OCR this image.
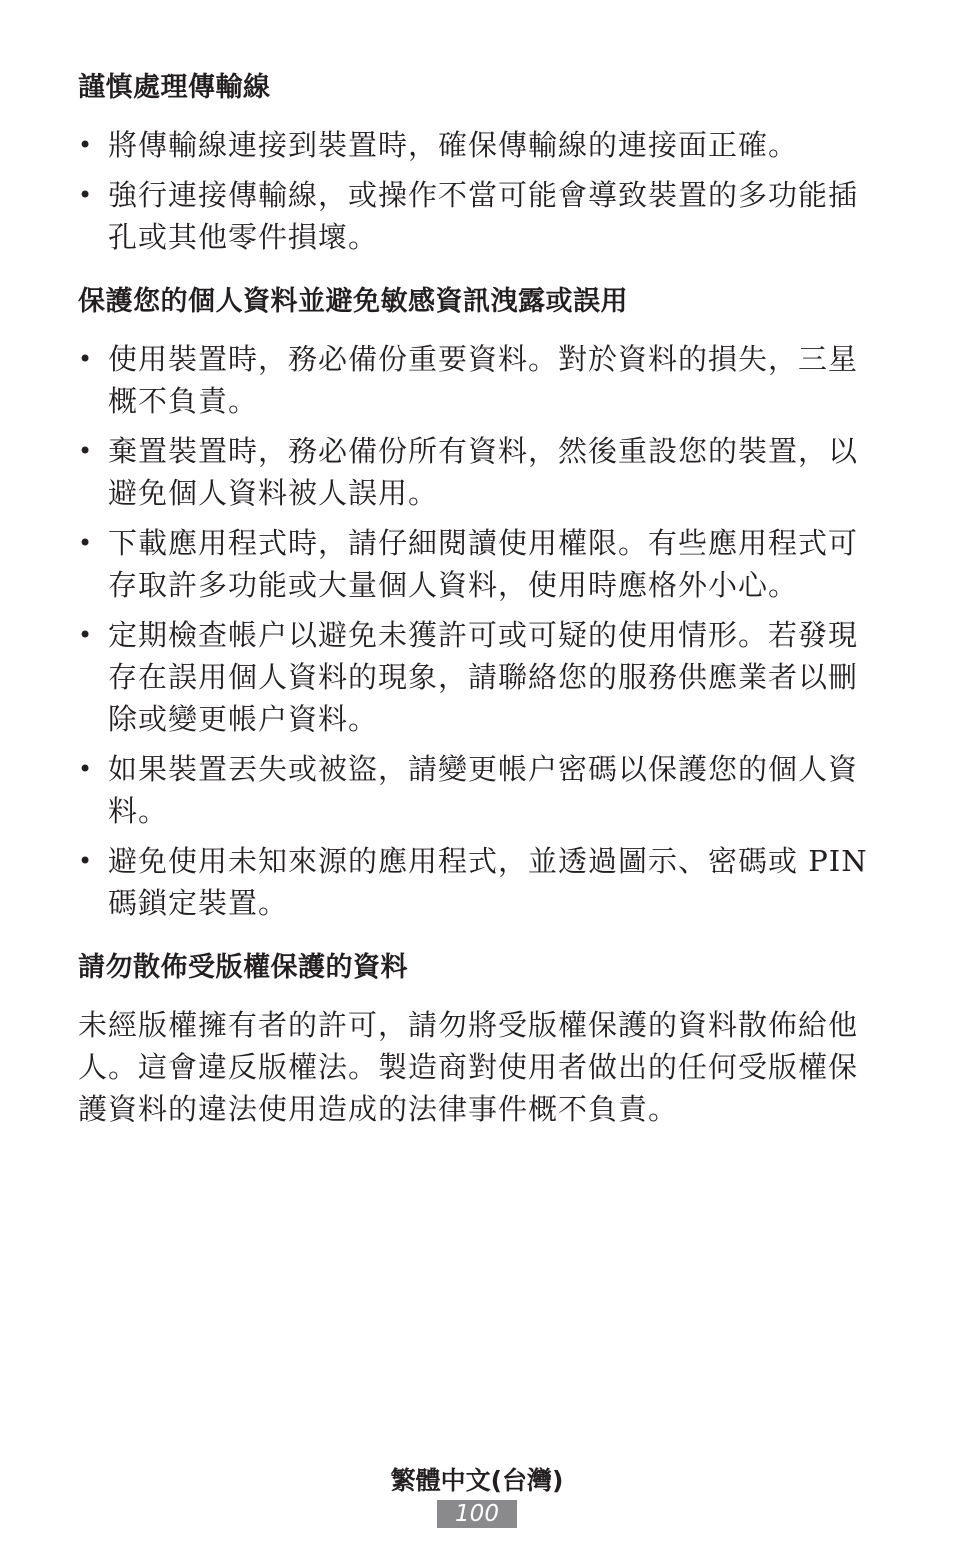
謹慎處理傳輸線
• 將傳輸線連接到裝置時，確保傳輸線的連接面正確。
• 強行連接傳輸線，或操作不當可能會導致裝置的多功能插孔或其他零件損壞。
保護您的個人資料並避免敏感資訊洩露或誤用
• 使用裝置時，務必備份重要資料。對於資料的損失，三星概不負責。
• 棄置裝置時，務必備份所有資料，然後重設您的裝置，以避免個人資料被人誤用。
• 下載應用程式時，請仔細閱讀使用權限。有些應用程式可存取許多功能或大量個人資料，使用時應格外小心。
• 定期檢查帳户以避免未獲許可或可疑的使用情形。若發現存在誤用個人資料的現象，請聯絡您的服務供應業者以刪除或變更帳户資料。
• 如果裝置丟失或被盜，請變更帳户密碼以保護您的個人資料。
• 避免使用未知來源的應用程式，並透過圖示、密碼或 PIN 碼鎖定裝置。
請勿散佈受版權保護的資料

未經版權擁有者的許可，請勿將受版權保護的資料散佈給他人。這會違反版權法。製造商對使用者做出的任何受版權保護資料的違法使用造成的法律事件概不負責。

繁體中文(台灣)
100
